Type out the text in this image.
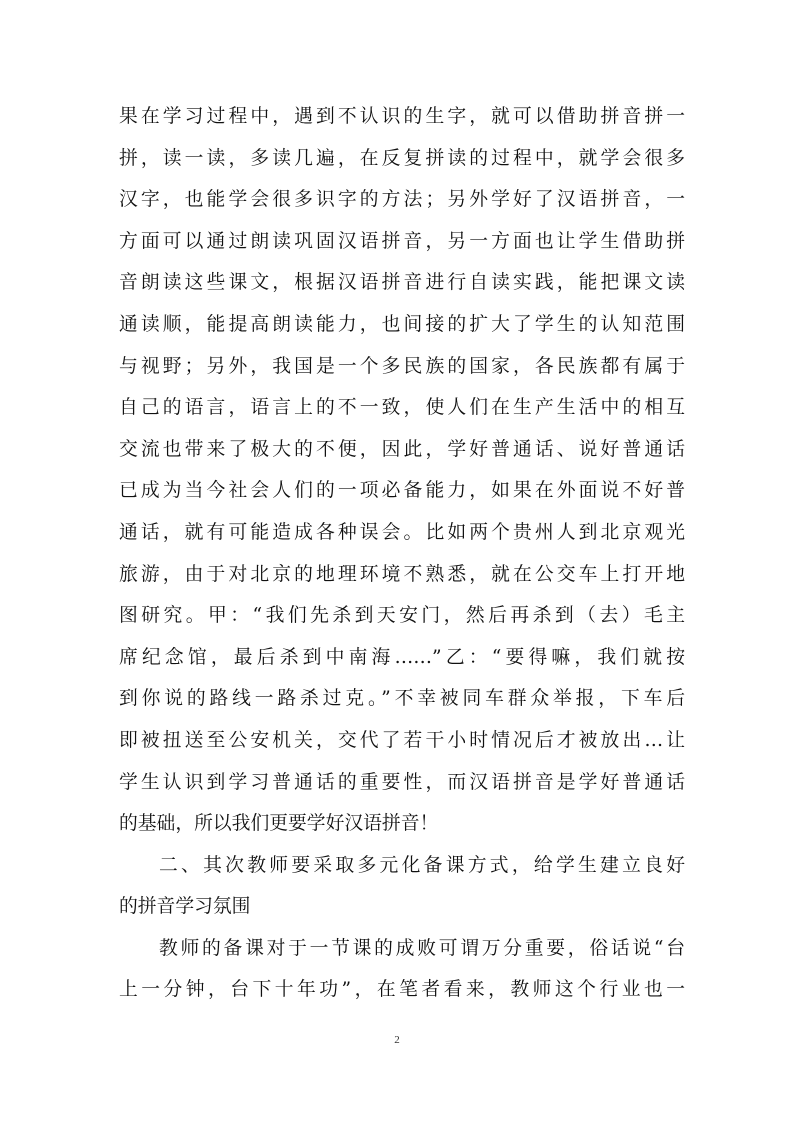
果在学习过程中，遇到不认识的生字，就可以借助拼音拼一
拼，读一读，多读几遍，在反复拼读的过程中，就学会很多
汉字，也能学会很多识字的方法；另外学好了汉语拼音，一
方面可以通过朗读巩固汉语拼音，另一方面也让学生借助拼
音朗读这些课文，根据汉语拼音进行自读实践，能把课文读
通读顺，能提高朗读能力，也间接的扩大了学生的认知范围
与视野；另外，我国是一个多民族的国家，各民族都有属于
自己的语言，语言上的不一致，使人们在生产生活中的相互
交流也带来了极大的不便，因此，学好普通话、说好普通话
已成为当今社会人们的一项必备能力，如果在外面说不好普
通话，就有可能造成各种误会。比如两个贵州人到北京观光
旅游，由于对北京的地理环境不熟悉，就在公交车上打开地
图研究。甲：“我们先杀到天安门，然后再杀到（去）毛主
席纪念馆，最后杀到中南海……”乙：“要得嘛，我们就按
到你说的路线一路杀过克。”不幸被同车群众举报，下车后
即被扭送至公安机关，交代了若干小时情况后才被放出…让
学生认识到学习普通话的重要性，而汉语拼音是学好普通话
的基础，所以我们更要学好汉语拼音！
二、其次教师要采取多元化备课方式，给学生建立良好
的拼音学习氛围
教师的备课对于一节课的成败可谓万分重要，俗话说“台
上一分钟，台下十年功”，在笔者看来，教师这个行业也一
2
